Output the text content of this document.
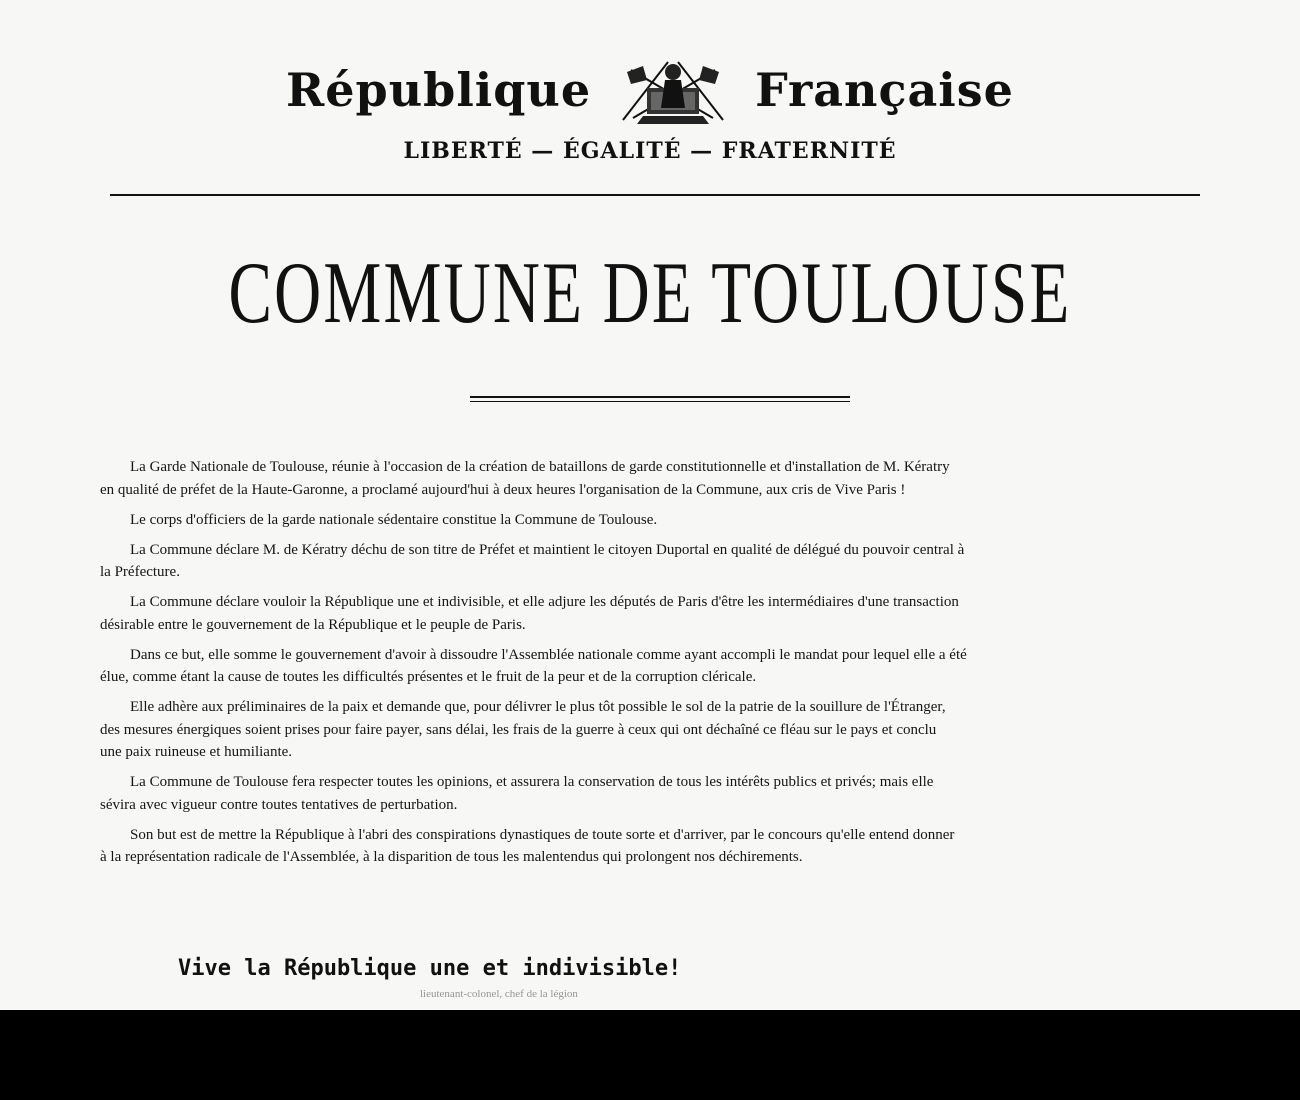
République	Française
LIBERTÉ — ÉGALITÉ — FRATERNITÉ
COMMUNE DE TOULOUSE
La Garde Nationale de Toulouse, réunie à l'occasion de la création de bataillons de garde constitutionnelle et d'installation de M. Kératry
en qualité de préfet de la Haute-Garonne, a proclamé aujourd'hui à deux heures l'organisation de la Commune, aux cris de Vive Paris !
Le corps d'officiers de la garde nationale sédentaire constitue la Commune de Toulouse.
La Commune déclare M. de Kératry déchu de son titre de Préfet et maintient le citoyen Duportal en qualité de délégué du pouvoir central à
la Préfecture.
La Commune déclare vouloir la République une et indivisible, et elle adjure les députés de Paris d'être les intermédiaires d'une transaction
désirable entre le gouvernement de la République et le peuple de Paris.
Dans ce but, elle somme le gouvernement d'avoir à dissoudre l'Assemblée nationale comme ayant accompli le mandat pour lequel elle a été
élue, comme étant la cause de toutes les difficultés présentes et le fruit de la peur et de la corruption cléricale.
Elle adhère aux préliminaires de la paix et demande que, pour délivrer le plus tôt possible le sol de la patrie de la souillure de l'Étranger,
des mesures énergiques soient prises pour faire payer, sans délai, les frais de la guerre à ceux qui ont déchaîné ce fléau sur le pays et conclu
une paix ruineuse et humiliante.
La Commune de Toulouse fera respecter toutes les opinions, et assurera la conservation de tous les intérêts publics et privés; mais elle
sévira avec vigueur contre toutes tentatives de perturbation.
Son but est de mettre la République à l'abri des conspirations dynastiques de toute sorte et d'arriver, par le concours qu'elle entend donner
à la représentation radicale de l'Assemblée, à la disparition de tous les malentendus qui prolongent nos déchirements.
Vive la République une et indivisible!
lieutenant-colonel, chef de la légion
